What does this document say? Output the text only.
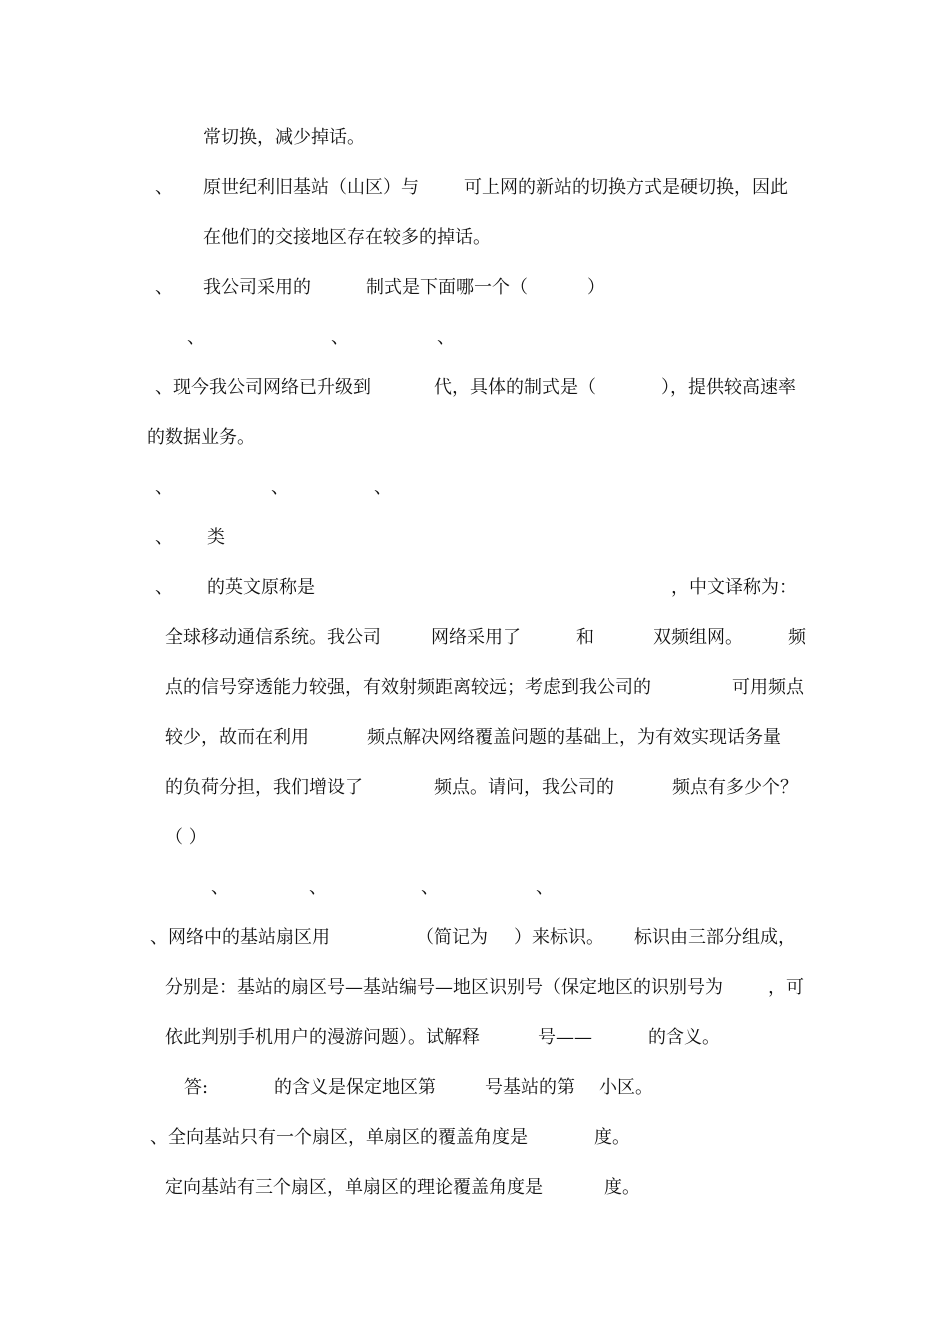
常切换，减少掉话。
、 原世纪利旧基站（山区）与	可上网的新站的切换方式是硬切换，因此
在他们的交接地区存在较多的掉话。
、 我公司采用的	制式是下面哪一个（	）
、	、	、
、现今我公司网络已升级到	代，具体的制式是（	），提供较高速率
的数据业务。
、	、	、
、 类
、 的英文原称是	，中文译称为：
全球移动通信系统。我公司	网络采用了	和	双频组网。	频
点的信号穿透能力较强，有效射频距离较远；考虑到我公司的	可用频点
较少，故而在利用	频点解决网络覆盖问题的基础上，为有效实现话务量
的负荷分担，我们增设了	频点。请问，我公司的	频点有多少个？
（ ）
、	、	、	、
、网络中的基站扇区用	（简记为 ）来标识。 标识由三部分组成，
分别是：基站的扇区号—基站编号—地区识别号（保定地区的识别号为	，可
依此判别手机用户的漫游问题）。试解释	号——	的含义。
答:	的含义是保定地区第	号基站的第 小区。
、全向基站只有一个扇区，单扇区的覆盖角度是	度。
定向基站有三个扇区，单扇区的理论覆盖角度是	度。
